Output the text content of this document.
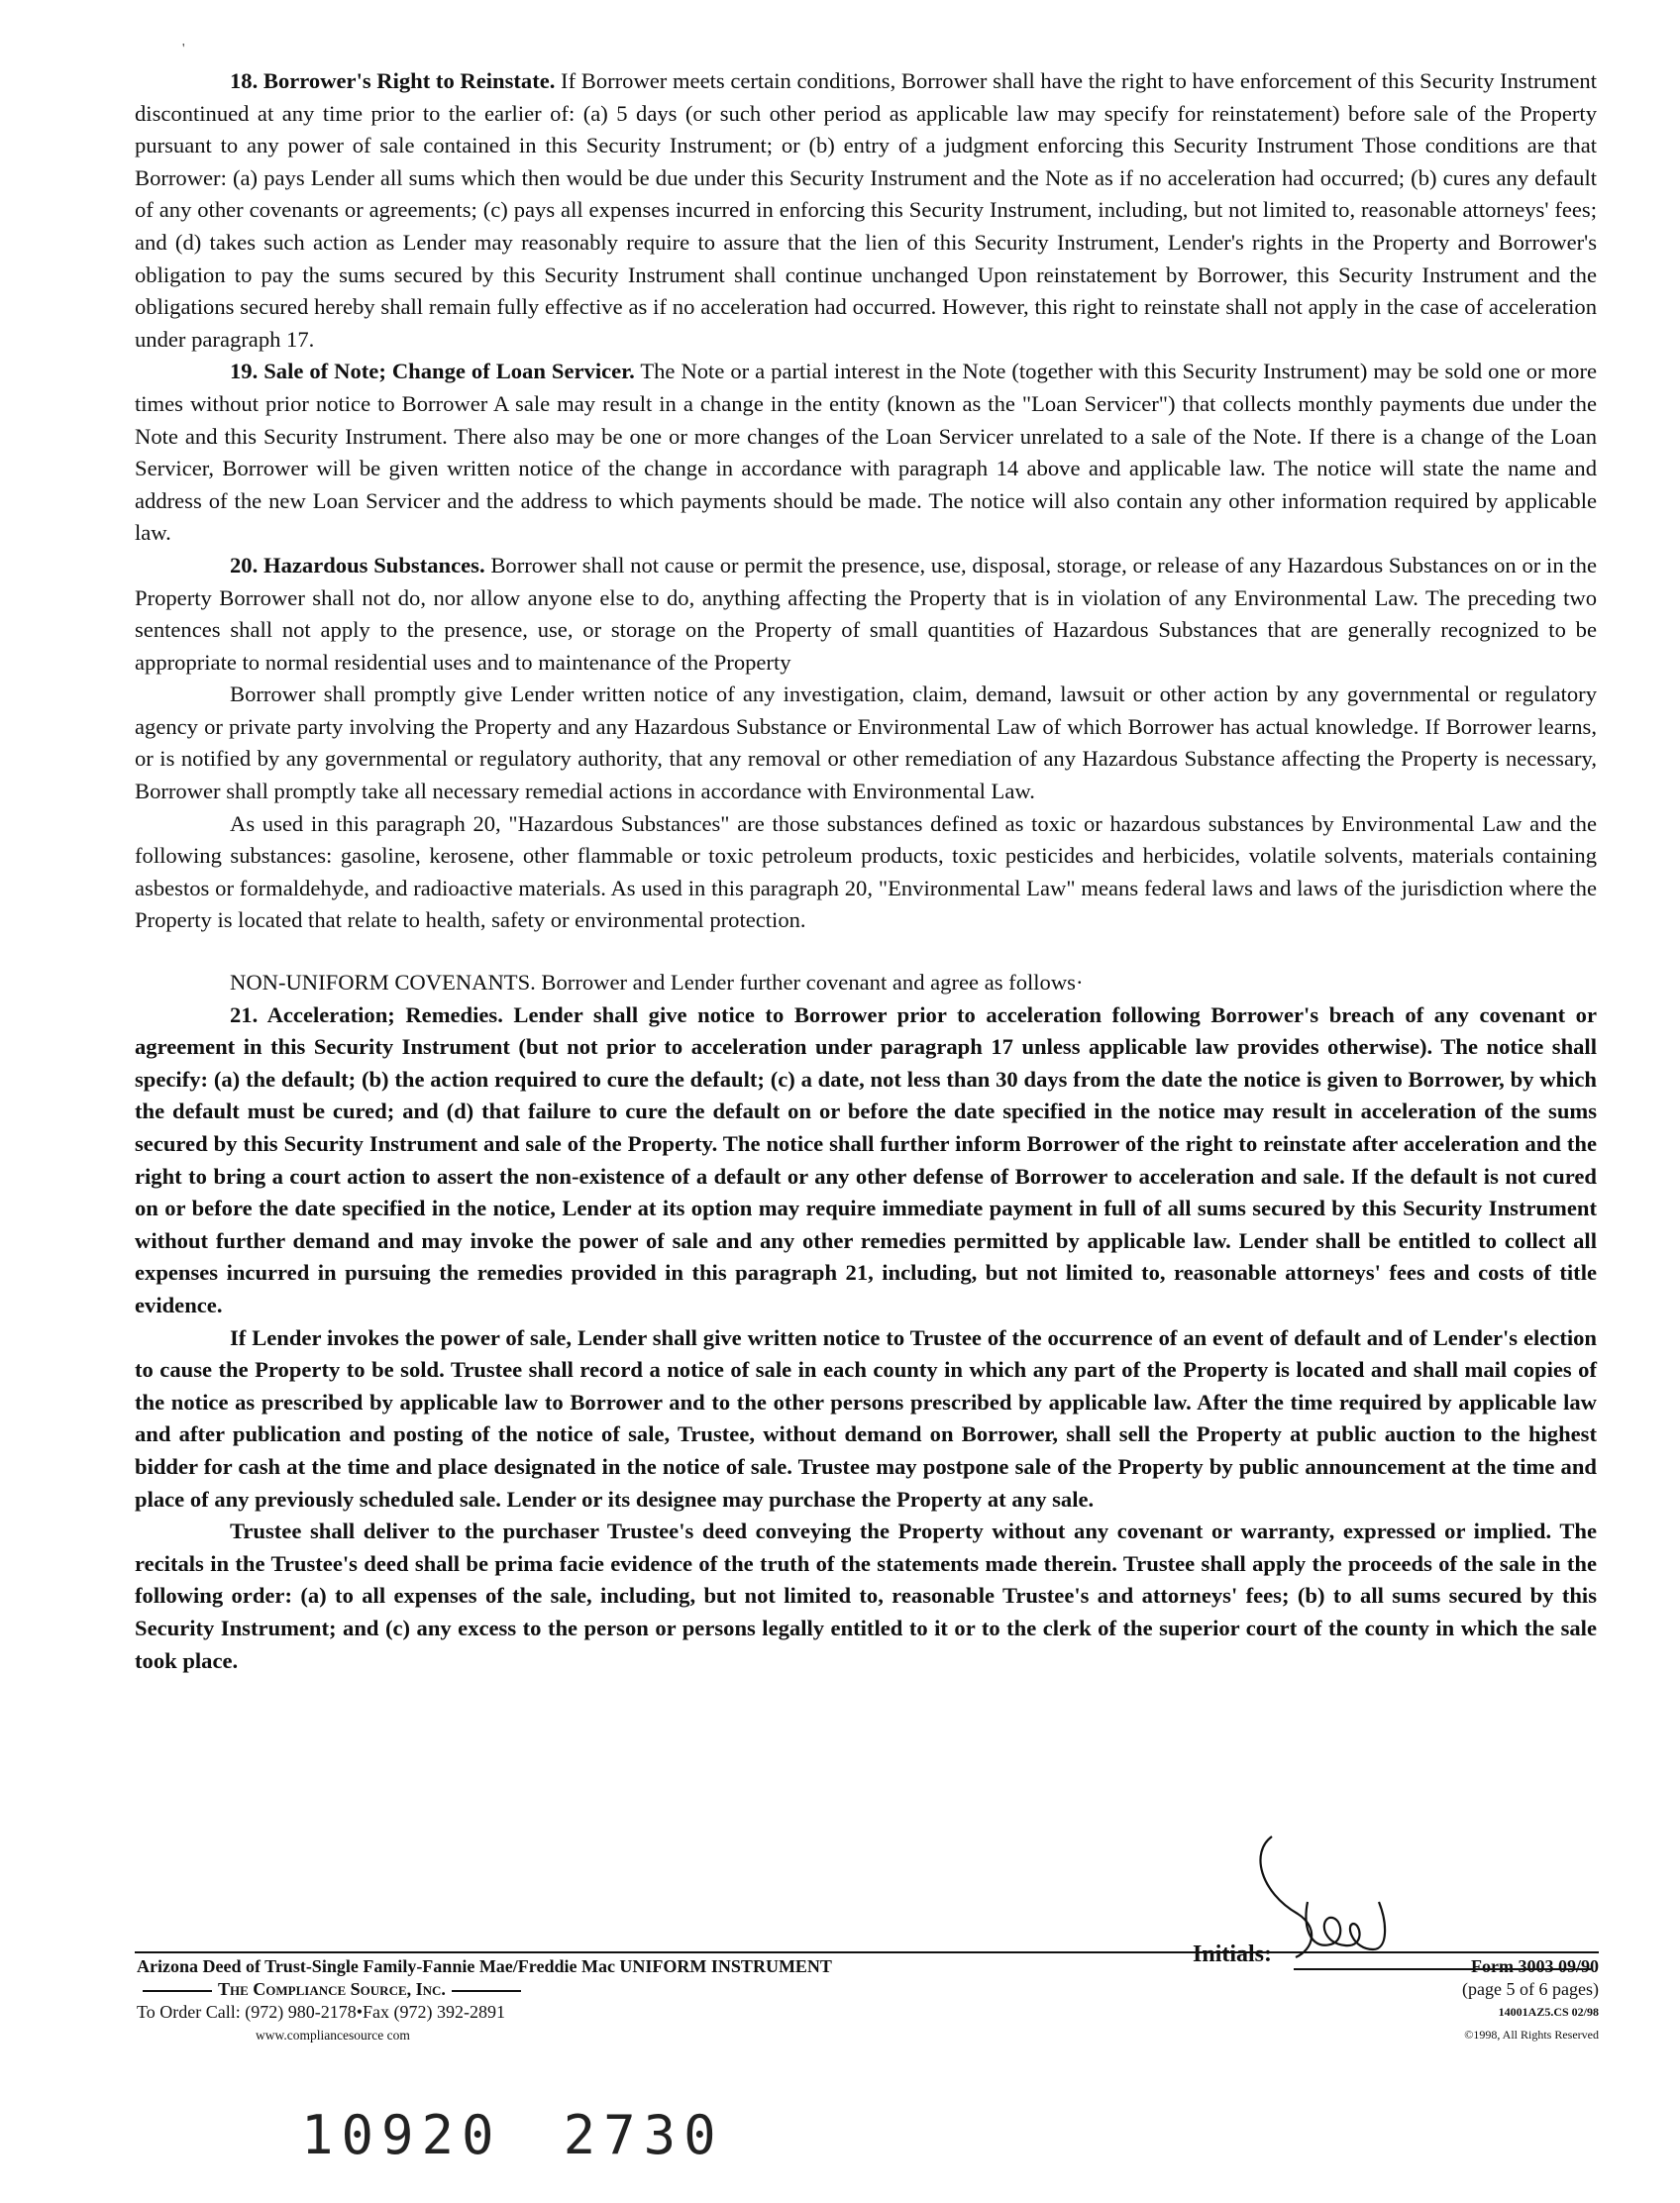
'

18. Borrower's Right to Reinstate. If Borrower meets certain conditions, Borrower shall have the right to have enforcement of this Security Instrument discontinued at any time prior to the earlier of: (a) 5 days (or such other period as applicable law may specify for reinstatement) before sale of the Property pursuant to any power of sale contained in this Security Instrument; or (b) entry of a judgment enforcing this Security Instrument Those conditions are that Borrower: (a) pays Lender all sums which then would be due under this Security Instrument and the Note as if no acceleration had occurred; (b) cures any default of any other covenants or agreements; (c) pays all expenses incurred in enforcing this Security Instrument, including, but not limited to, reasonable attorneys' fees; and (d) takes such action as Lender may reasonably require to assure that the lien of this Security Instrument, Lender's rights in the Property and Borrower's obligation to pay the sums secured by this Security Instrument shall continue unchanged Upon reinstatement by Borrower, this Security Instrument and the obligations secured hereby shall remain fully effective as if no acceleration had occurred. However, this right to reinstate shall not apply in the case of acceleration under paragraph 17.

19. Sale of Note; Change of Loan Servicer. The Note or a partial interest in the Note (together with this Security Instrument) may be sold one or more times without prior notice to Borrower A sale may result in a change in the entity (known as the "Loan Servicer") that collects monthly payments due under the Note and this Security Instrument. There also may be one or more changes of the Loan Servicer unrelated to a sale of the Note. If there is a change of the Loan Servicer, Borrower will be given written notice of the change in accordance with paragraph 14 above and applicable law. The notice will state the name and address of the new Loan Servicer and the address to which payments should be made. The notice will also contain any other information required by applicable law.

20. Hazardous Substances. Borrower shall not cause or permit the presence, use, disposal, storage, or release of any Hazardous Substances on or in the Property Borrower shall not do, nor allow anyone else to do, anything affecting the Property that is in violation of any Environmental Law. The preceding two sentences shall not apply to the presence, use, or storage on the Property of small quantities of Hazardous Substances that are generally recognized to be appropriate to normal residential uses and to maintenance of the Property

Borrower shall promptly give Lender written notice of any investigation, claim, demand, lawsuit or other action by any governmental or regulatory agency or private party involving the Property and any Hazardous Substance or Environmental Law of which Borrower has actual knowledge. If Borrower learns, or is notified by any governmental or regulatory authority, that any removal or other remediation of any Hazardous Substance affecting the Property is necessary, Borrower shall promptly take all necessary remedial actions in accordance with Environmental Law.

As used in this paragraph 20, "Hazardous Substances" are those substances defined as toxic or hazardous substances by Environmental Law and the following substances: gasoline, kerosene, other flammable or toxic petroleum products, toxic pesticides and herbicides, volatile solvents, materials containing asbestos or formaldehyde, and radioactive materials. As used in this paragraph 20, "Environmental Law" means federal laws and laws of the jurisdiction where the Property is located that relate to health, safety or environmental protection.

NON-UNIFORM COVENANTS. Borrower and Lender further covenant and agree as follows·

21. Acceleration; Remedies. Lender shall give notice to Borrower prior to acceleration following Borrower's breach of any covenant or agreement in this Security Instrument (but not prior to acceleration under paragraph 17 unless applicable law provides otherwise). The notice shall specify: (a) the default; (b) the action required to cure the default; (c) a date, not less than 30 days from the date the notice is given to Borrower, by which the default must be cured; and (d) that failure to cure the default on or before the date specified in the notice may result in acceleration of the sums secured by this Security Instrument and sale of the Property. The notice shall further inform Borrower of the right to reinstate after acceleration and the right to bring a court action to assert the non-existence of a default or any other defense of Borrower to acceleration and sale. If the default is not cured on or before the date specified in the notice, Lender at its option may require immediate payment in full of all sums secured by this Security Instrument without further demand and may invoke the power of sale and any other remedies permitted by applicable law. Lender shall be entitled to collect all expenses incurred in pursuing the remedies provided in this paragraph 21, including, but not limited to, reasonable attorneys' fees and costs of title evidence.

If Lender invokes the power of sale, Lender shall give written notice to Trustee of the occurrence of an event of default and of Lender's election to cause the Property to be sold. Trustee shall record a notice of sale in each county in which any part of the Property is located and shall mail copies of the notice as prescribed by applicable law to Borrower and to the other persons prescribed by applicable law. After the time required by applicable law and after publication and posting of the notice of sale, Trustee, without demand on Borrower, shall sell the Property at public auction to the highest bidder for cash at the time and place designated in the notice of sale. Trustee may postpone sale of the Property by public announcement at the time and place of any previously scheduled sale. Lender or its designee may purchase the Property at any sale.

Trustee shall deliver to the purchaser Trustee's deed conveying the Property without any covenant or warranty, expressed or implied. The recitals in the Trustee's deed shall be prima facie evidence of the truth of the statements made therein. Trustee shall apply the proceeds of the sale in the following order: (a) to all expenses of the sale, including, but not limited to, reasonable Trustee's and attorneys' fees; (b) to all sums secured by this Security Instrument; and (c) any excess to the person or persons legally entitled to it or to the clerk of the superior court of the county in which the sale took place.

Initials:
Arizona Deed of Trust-Single Family-Fannie Mae/Freddie Mac UNIFORM INSTRUMENT
The Compliance Source, Inc.
To Order Call: (972) 980-2178•Fax (972) 392-2891
www.compliancesource com
Form 3003 09/90
(page 5 of 6 pages)
14001AZ5.CS 02/98
©1998, All Rights Reserved
10920 2730
